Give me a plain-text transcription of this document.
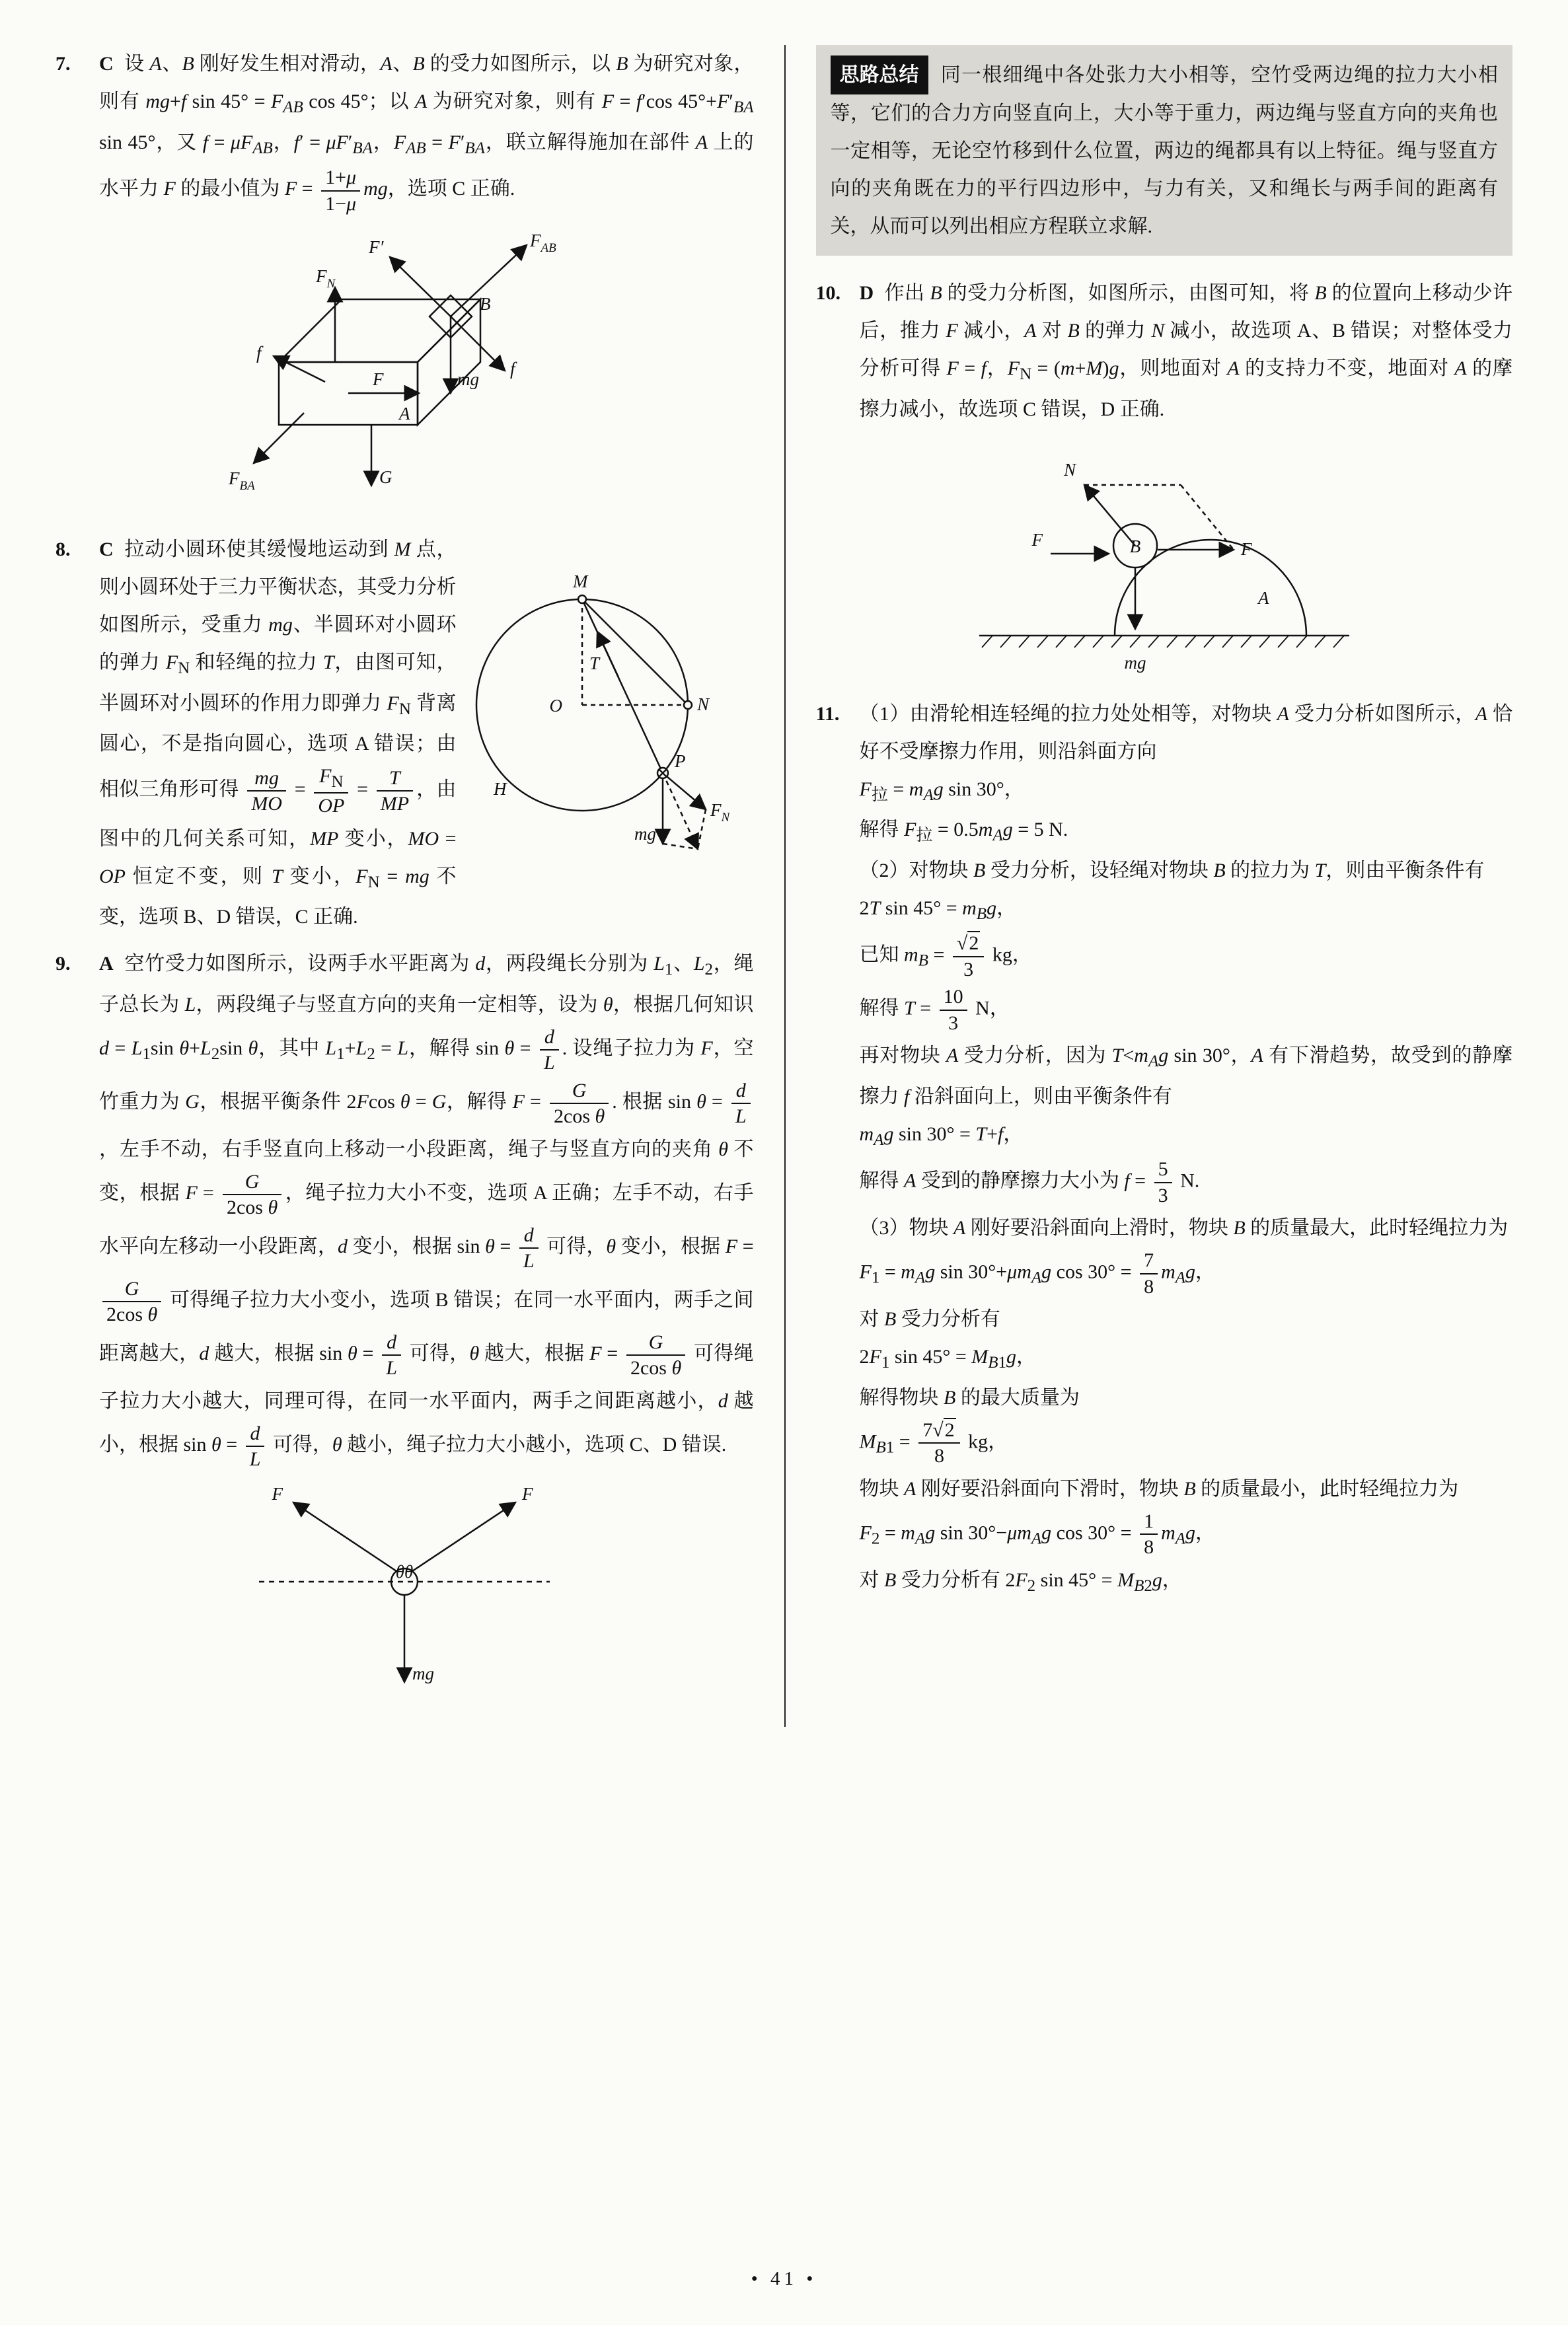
7.	C 设 A、B 刚好发生相对滑动，A、B 的受力如图所示，以 B 为研究对象，则有 mg+f $\sin 45^\circ = F_{AB}$ cos 45°；以 A 为研究对象，则有 F = f′cos $45^\circ+F'_{BA}$ sin 45°，又 $f = \mu F_{AB}$，$f' = \mu F'_{BA}$，$F_{AB} = F'_{BA}$，联立解得施加在部件 A 上的水平力 F 的最小值为 $F = \frac{1+\mu}{1-\mu}$ mg，选项 C 正确.
$F_{AB}$
F′
$F_N$
f
B
F	mg
f
$F_{BA}$
A
G
8.
M
T
O	N
P
H
$F_N$
mg
C 拉动小圆环使其缓慢地运动到 M 点，则小圆环处于三力平衡状态，其受力分析如图所示，受重力 mg、半圆环对小圆环的弹力 $F_N$ 和轻绳的拉力 T，由图可知，半圆环对小圆环的作用力即弹力 $F_N$ 背离圆心，不是指向圆心，选项 A 错误；由相似三角形可得 $\frac{mg}{MO} = \frac{F_N}{OP} = \frac{T}{MP}$ ，由图中的几何关系可知，MP 变小，MO = OP 恒定不变，则 T 变小，$F_N$ = mg 不变，选项 B、D 错误，C 正确.
9.	A 空竹受力如图所示，设两手水平距离为 d，两段绳长分别为 $L_1$、$L_2$，绳子总长为 L，两段绳子与竖直方向的夹角一定相等，设为 θ，根据几何知识 $d = L_1\sin$ $\theta+L_2\sin$ θ，其中 $L_1+L_2 = L$，解得 $\sin \theta = \frac{d}{L}$ . 设绳子拉力为 F，空竹重力为 G，根据平衡条件 2Fcos θ = G，解得 $F = \frac{G}{\text{2cos θ}}$ . 根据 $\sin \theta = \frac{d}{L}$
，左手不动，右手竖直向上移动一小段距离，绳子与竖直方向的夹角 θ 不变，根据 $F = \frac{G}{\text{2cos θ}}$ ，绳子拉力大小不变，选项 A 正确；左手不动，右手水平向左移动一小段距离，d 变小，根据 $\sin \theta = \frac{d}{L}$ 可得，θ 变小，根据 F =
$\frac{G}{\text{2cos θ}}$ 可得绳子拉力大小变小，选项 B 错误；在同一水平面内，两手之间距离越大，d 越大，根据 $\sin \theta = \frac{d}{L}$ 可得，θ 越大，根据 $F = \frac{G}{\text{2cos θ}}$ 可得绳子拉力大小越大，同理可得，在同一水平面内，两手之间距离越小，d 越小，根据 $\sin \theta = \frac{d}{L}$ 可得，θ 越小，绳子拉力大小越小，选项 C、D 错误.
F	F
θθ
mg
思路总结 同一根细绳中各处张力大小相等，空竹受两边绳的拉力大小相等，它们的合力方向竖直向上，大小等于重力，两边绳与竖直方向的夹角也一定相等，无论空竹移到什么位置，两边的绳都具有以上特征。绳与竖直方向的夹角既在力的平行四边形中，与力有关，又和绳长与两手间的距离有关，从而可以列出相应方程联立求解.
10. D 作出 B 的受力分析图，如图所示，由图可知，将 B 的位置向上移动少许后，推力 F 减小，A 对 B 的弹力 N 减小，故选项 A、B 错误；对整体受力分析可得 F = f，$F_N = (m+M)g$，则地面对 A 的支持力不变，地面对 A 的摩擦力减小，故选项 C 错误，D 正确.
N
F	F
B
A
mg
11.	（1）由滑轮相连轻绳的拉力处处相等，对物块 A 受力分析如图所示，A 恰好不受摩擦力作用，则沿斜面方向

$F_拉 = m_Ag$ sin 30°，

解得 $F_拉 = 0.5m_Ag = 5$ N.

（2）对物块 B 受力分析，设轻绳对物块 B 的拉力为 T，则由平衡条件有

2T $\sin 45^\circ = m_Bg$，

已知 $m_B = \frac{√2}{3}$ kg，

解得 $T = \frac{10}{3}$ N，

再对物块 A 受力分析，因为 $T<m_Ag$ sin 30°，A 有下滑趋势，故受到的静摩擦力 f 沿斜面向上，则由平衡条件有

$m_Ag$ sin 30° = T+f，

解得 A 受到的静摩擦力大小为 $f = \frac{5}{3} N$.

（3）物块 A 刚好要沿斜面向上滑时，物块 B 的质量最大，此时轻绳拉力为

$F_1 = m_Ag$ $\sin 30^\circ+\mu m_Ag$ $\cos 30^\circ = \frac{7}{8} m_Ag$，

对 B 受力分析有

$2F_1$ $\sin 45^\circ = M_{B1}g$，

解得物块 B 的最大质量为

$M_{B1} = \frac{7√2}{8}$ kg，

物块 A 刚好要沿斜面向下滑时，物块 B 的质量最小，此时轻绳拉力为

$F_2 = m_Ag$ $\sin 30^\circ-\mu m_Ag$ $\cos 30^\circ = \frac{1}{8} m_Ag$，

对 B 受力分析有 $2F_2$ $\sin 45^\circ = M_{B2}g$，

• 41 •
